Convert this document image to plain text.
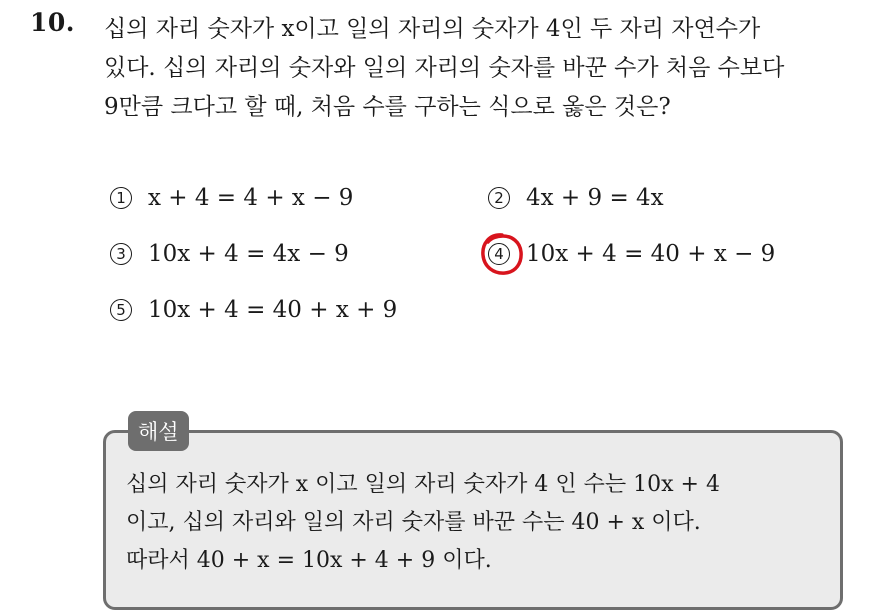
10. 십의 자리 숫자가 x이고 일의 자리의 숫자가 4인 두 자리 자연수가
있다. 십의 자리의 숫자와 일의 자리의 숫자를 바꾼 수가 처음 수보다
9만큼 크다고 할 때, 처음 수를 구하는 식으로 옳은 것은?
1 x + 4 = 4 + x − 9	2 4x + 9 = 4x
3 10x + 4 = 4x − 9	4 10x + 4 = 40 + x − 9
5 10x + 4 = 40 + x + 9
해설
십의 자리 숫자가 x 이고 일의 자리 숫자가 4 인 수는 10x + 4
이고, 십의 자리와 일의 자리 숫자를 바꾼 수는 40 + x 이다.
따라서 40 + x = 10x + 4 + 9 이다.
